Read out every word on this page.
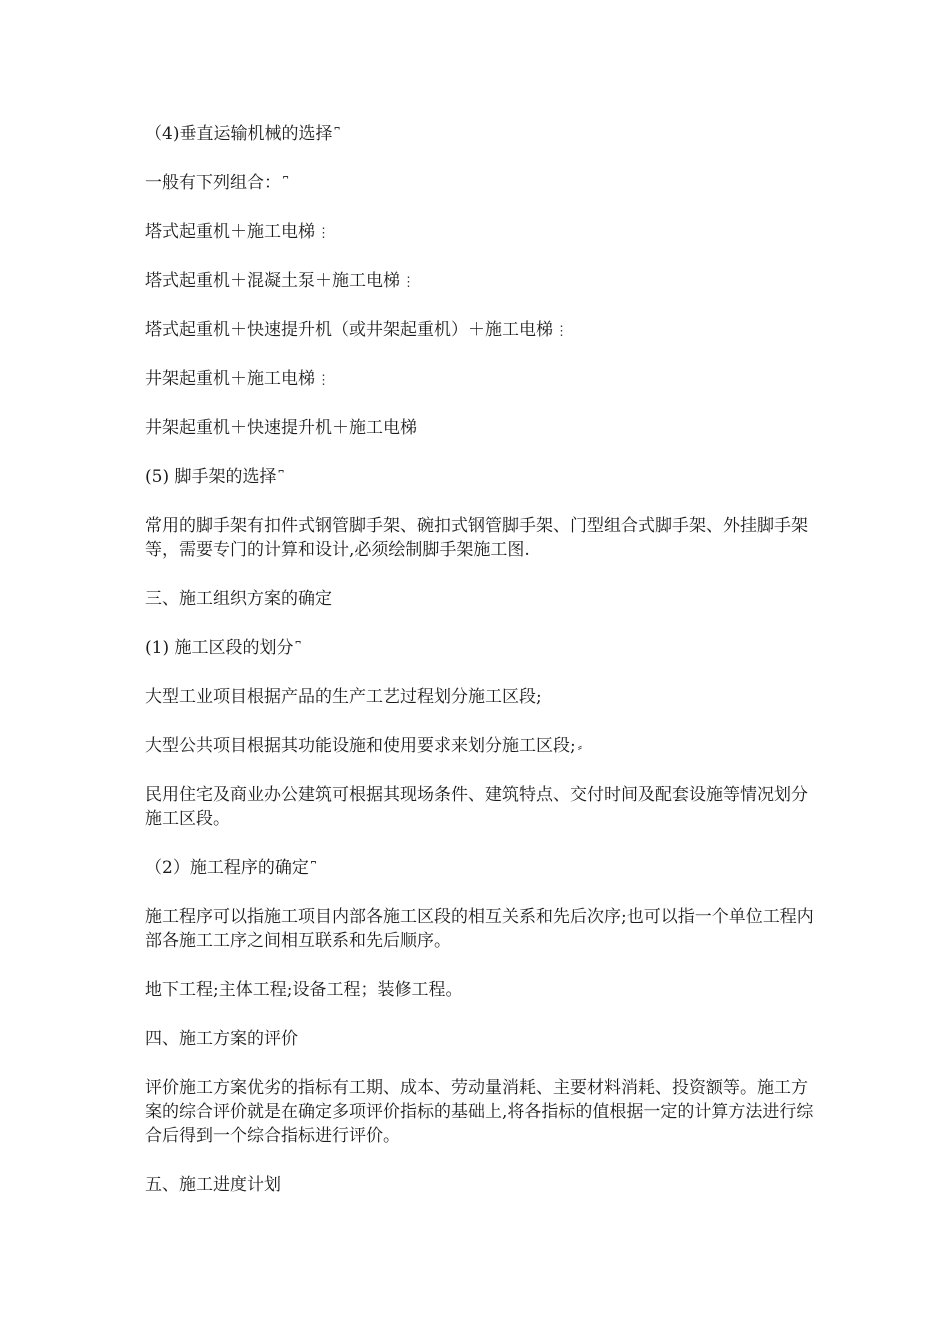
（4)垂直运输机械的选择 ⎴

一般有下列组合： ⎴

塔式起重机＋施工电梯 ⋮

塔式起重机＋混凝土泵＋施工电梯 ⋮

塔式起重机＋快速提升机（或井架起重机）＋施工电梯 ⋮

井架起重机＋施工电梯 ⋮

井架起重机＋快速提升机＋施工电梯

(5) 脚手架的选择 ⎴

常用的脚手架有扣件式钢管脚手架、碗扣式钢管脚手架、门型组合式脚手架、外挂脚手架等，需要专门的计算和设计,必须绘制脚手架施工图.

三、施工组织方案的确定

(1) 施工区段的划分 ⎴

大型工业项目根据产品的生产工艺过程划分施工区段;

大型公共项目根据其功能设施和使用要求来划分施工区段; ⸗

民用住宅及商业办公建筑可根据其现场条件、建筑特点、交付时间及配套设施等情况划分施工区段。

（2）施工程序的确定 ⎴

施工程序可以指施工项目内部各施工区段的相互关系和先后次序;也可以指一个单位工程内部各施工工序之间相互联系和先后顺序。

地下工程;主体工程;设备工程；装修工程。

四、施工方案的评价

评价施工方案优劣的指标有工期、成本、劳动量消耗、主要材料消耗、投资额等。施工方案的综合评价就是在确定多项评价指标的基础上,将各指标的值根据一定的计算方法进行综合后得到一个综合指标进行评价。

五、施工进度计划
